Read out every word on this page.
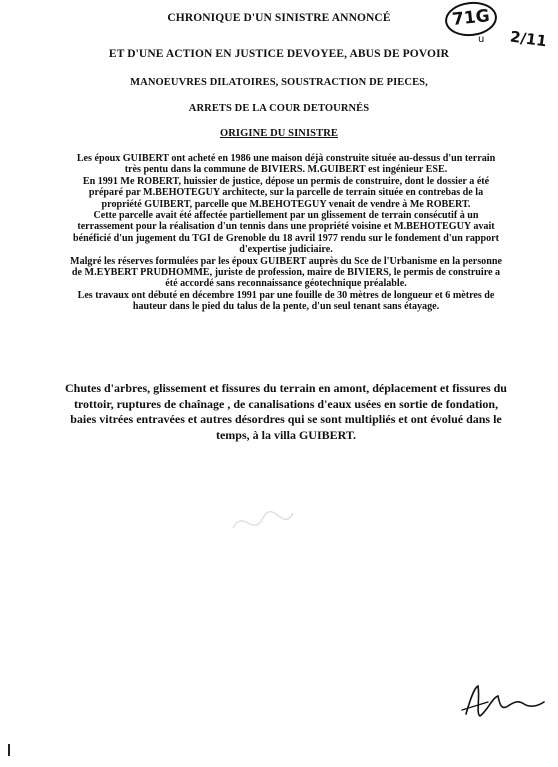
71G
u 2/11
CHRONIQUE D'UN SINISTRE ANNONCÉ
ET D'UNE ACTION EN JUSTICE DEVOYEE, ABUS DE POVOIR
MANOEUVRES DILATOIRES, SOUSTRACTION DE PIECES,
ARRETS DE LA COUR DETOURNÉS
ORIGINE DU SINISTRE

Les époux GUIBERT ont acheté en 1986 une maison déjà construite située au-dessus d'un terrain très pentu dans la commune de BIVIERS. M.GUIBERT est ingénieur ESE.

En 1991 Me ROBERT, huissier de justice, dépose un permis de construire, dont le dossier a été préparé par M.BEHOTEGUY architecte, sur la parcelle de terrain située en contrebas de la propriété GUIBERT, parcelle que M.BEHOTEGUY venait de vendre à Me ROBERT.

Cette parcelle avait été affectée partiellement par un glissement de terrain consécutif à un terrassement pour la réalisation d'un tennis dans une propriété voisine et M.BEHOTEGUY avait bénéficié d'un jugement du TGI de Grenoble du 18 avril 1977 rendu sur le fondement d'un rapport d'expertise judiciaire.

Malgré les réserves formulées par les époux GUIBERT auprès du Sce de l'Urbanisme en la personne de M.EYBERT PRUDHOMME, juriste de profession, maire de BIVIERS, le permis de construire a été accordé sans reconnaissance géotechnique préalable.

Les travaux ont débuté en décembre 1991 par une fouille de 30 mètres de longueur et 6 mètres de hauteur dans le pied du talus de la pente, d'un seul tenant sans étayage.

Chutes d'arbres, glissement et fissures du terrain en amont, déplacement et fissures du trottoir, ruptures de chaînage , de canalisations d'eaux usées en sortie de fondation, baies vitrées entravées et autres désordres qui se sont multipliés et ont évolué dans le temps, à la villa GUIBERT.
